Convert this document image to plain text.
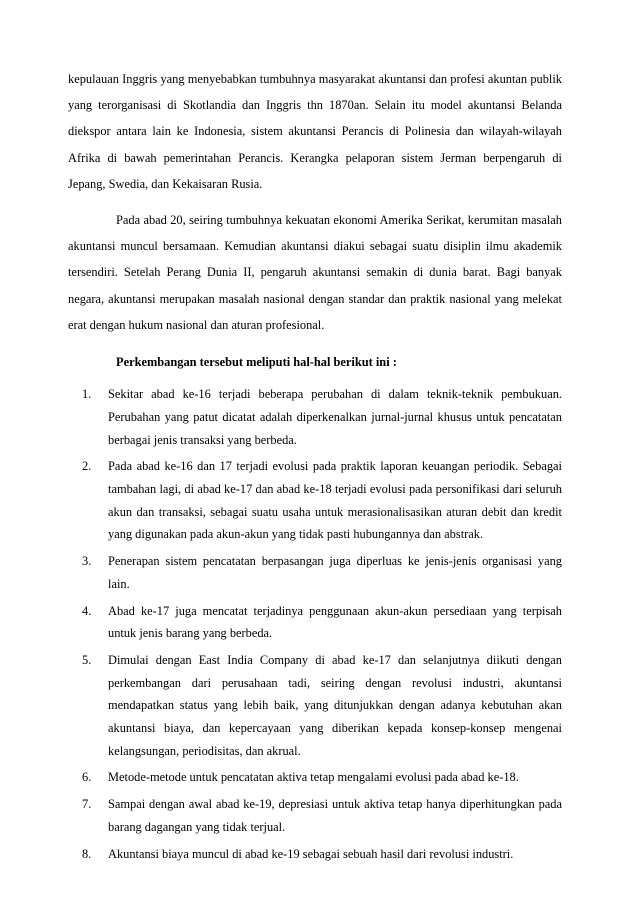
kepulauan Inggris yang menyebabkan tumbuhnya masyarakat akuntansi dan profesi akuntan publik yang terorganisasi di Skotlandia dan Inggris thn 1870an. Selain itu model akuntansi Belanda diekspor antara lain ke Indonesia, sistem akuntansi Perancis di Polinesia dan wilayah-wilayah Afrika di bawah pemerintahan Perancis. Kerangka pelaporan sistem Jerman berpengaruh di Jepang, Swedia, dan Kekaisaran Rusia.

Pada abad 20, seiring tumbuhnya kekuatan ekonomi Amerika Serikat, kerumitan masalah akuntansi muncul bersamaan. Kemudian akuntansi diakui sebagai suatu disiplin ilmu akademik tersendiri. Setelah Perang Dunia II, pengaruh akuntansi semakin di dunia barat. Bagi banyak negara, akuntansi merupakan masalah nasional dengan standar dan praktik nasional yang melekat erat dengan hukum nasional dan aturan profesional.

Perkembangan tersebut meliputi hal-hal berikut ini :

1. Sekitar abad ke-16 terjadi beberapa perubahan di dalam teknik-teknik pembukuan. Perubahan yang patut dicatat adalah diperkenalkan jurnal-jurnal khusus untuk pencatatan berbagai jenis transaksi yang berbeda.
2. Pada abad ke-16 dan 17 terjadi evolusi pada praktik laporan keuangan periodik. Sebagai tambahan lagi, di abad ke-17 dan abad ke-18 terjadi evolusi pada personifikasi dari seluruh akun dan transaksi, sebagai suatu usaha untuk merasionalisasikan aturan debit dan kredit yang digunakan pada akun-akun yang tidak pasti hubungannya dan abstrak.
3. Penerapan sistem pencatatan berpasangan juga diperluas ke jenis-jenis organisasi yang lain.
4. Abad ke-17 juga mencatat terjadinya penggunaan akun-akun persediaan yang terpisah untuk jenis barang yang berbeda.
5. Dimulai dengan East India Company di abad ke-17 dan selanjutnya diikuti dengan perkembangan dari perusahaan tadi, seiring dengan revolusi industri, akuntansi mendapatkan status yang lebih baik, yang ditunjukkan dengan adanya kebutuhan akan akuntansi biaya, dan kepercayaan yang diberikan kepada konsep-konsep mengenai kelangsungan, periodisitas, dan akrual.
6. Metode-metode untuk pencatatan aktiva tetap mengalami evolusi pada abad ke-18.
7. Sampai dengan awal abad ke-19, depresiasi untuk aktiva tetap hanya diperhitungkan pada barang dagangan yang tidak terjual.
8. Akuntansi biaya muncul di abad ke-19 sebagai sebuah hasil dari revolusi industri.
